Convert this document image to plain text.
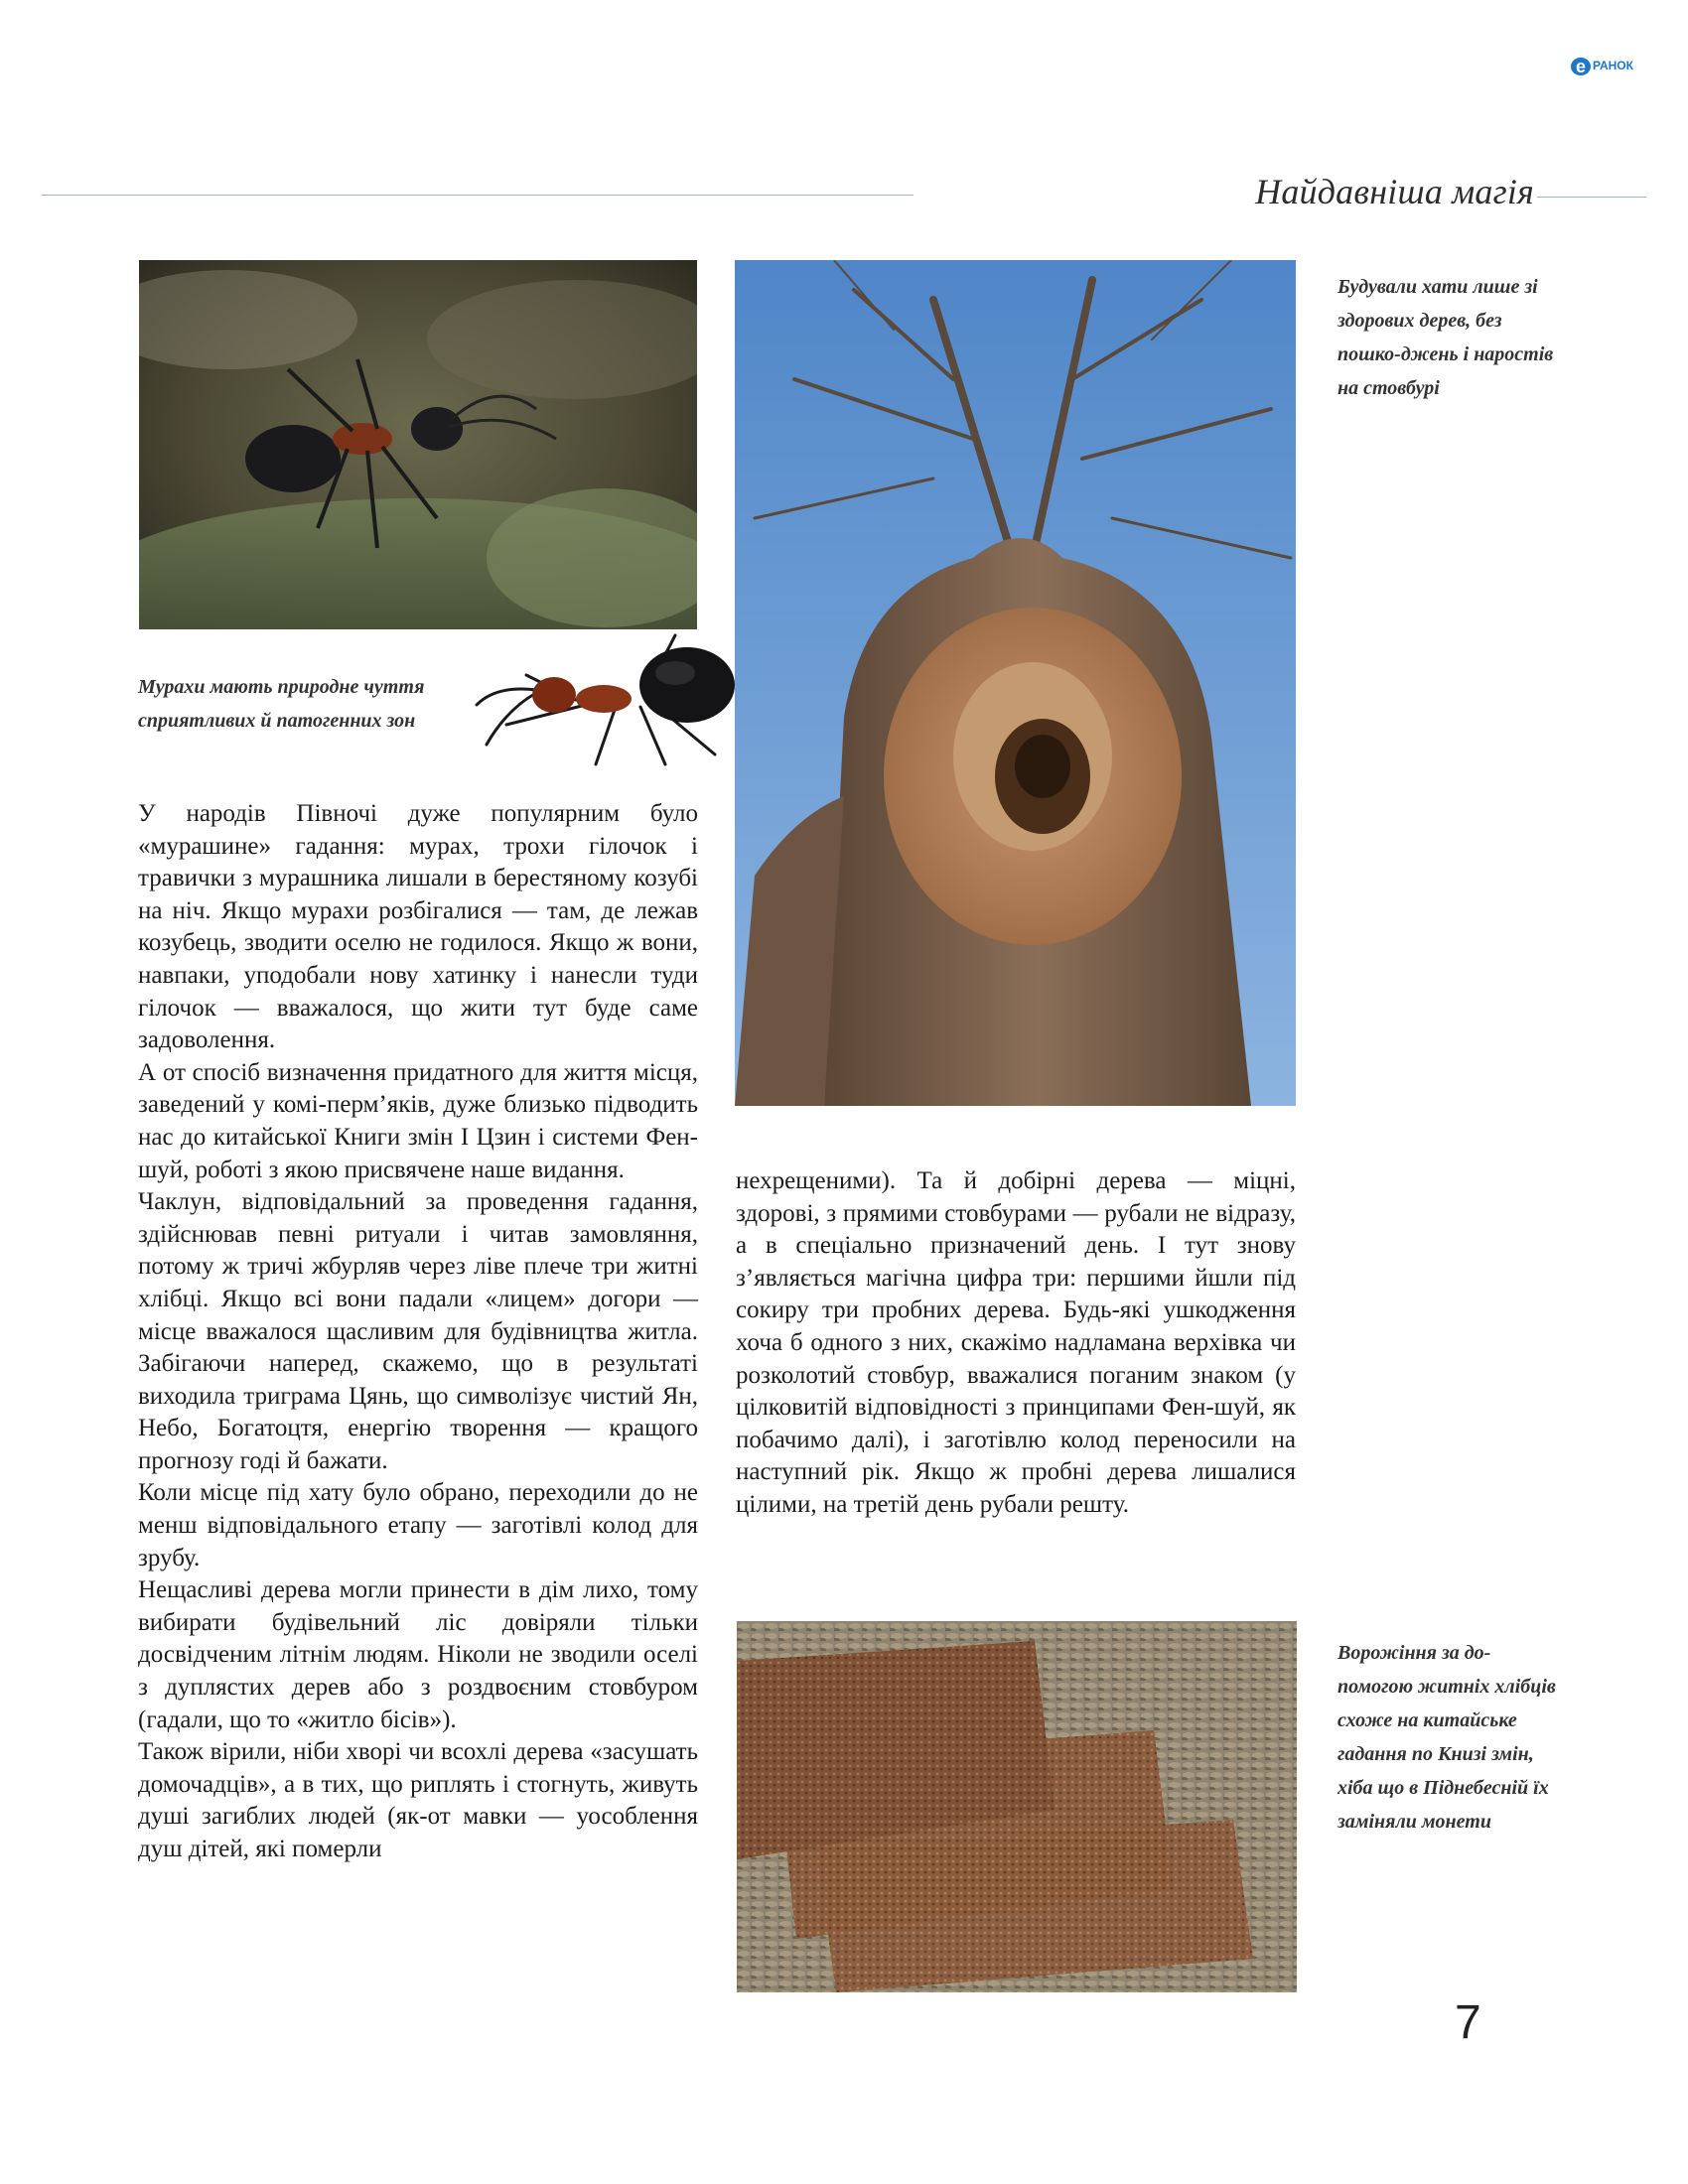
e РАНОК
Найдавніша магія
Мурахи мають природне чуття сприятливих й патогенних зон
Будували хати лише зі здорових дерев, без пошко-джень і наростів на стовбурі
Ворожіння за до-помогою житніх хлібців схоже на китайське гадання по Книзі змін, хіба що в Піднебесній їх заміняли монети

У народів Півночі дуже популярним було «мурашине» гадання: мурах, трохи гілочок і травички з мурашника лишали в берестяному козубі на ніч. Якщо мурахи розбігалися — там, де лежав козубець, зводити оселю не годилося. Якщо ж вони, навпаки, уподобали нову хатинку і нанесли туди гілочок — вважалося, що жити тут буде саме задоволення.

А от спосіб визначення придатного для життя місця, заведений у комі-перм’яків, дуже близько підводить нас до китайської Книги змін І Цзин і системи Фен-шуй, роботі з якою присвячене наше видання.

Чаклун, відповідальний за проведення гадання, здійснював певні ритуали і читав замовляння, потому ж тричі жбурляв через ліве плече три житні хлібці. Якщо всі вони падали «лицем» догори — місце вважалося щасливим для будівництва житла. Забігаючи наперед, скажемо, що в результаті виходила триграма Цянь, що символізує чистий Ян, Небо, Богатоцтя, енергію творення — кращого прогнозу годі й бажати.

Коли місце під хату було обрано, переходили до не менш відповідального етапу — заготівлі колод для зрубу.

Нещасливі дерева могли принести в дім лихо, тому вибирати будівельний ліс довіряли тільки досвідченим літнім людям. Ніколи не зводили оселі з дуплястих дерев або з роздвоєним стовбуром (гадали, що то «житло бісів»).

Також вірили, ніби хворі чи всохлі дерева «засушать домочадців», а в тих, що риплять і стогнуть, живуть душі загиблих людей (як-от мавки — уособлення душ дітей, які померли

нехрещеними). Та й добірні дерева — міцні, здорові, з прямими стовбурами — рубали не відразу, а в спеціально призначений день. І тут знову з’являється магічна цифра три: першими йшли під сокиру три пробних дерева. Будь-які ушкодження хоча б одного з них, скажімо надламана верхівка чи розколотий стовбур, вважалися поганим знаком (у цілковитій відповідності з принципами Фен-шуй, як побачимо далі), і заготівлю колод переносили на наступний рік. Якщо ж пробні дерева лишалися цілими, на третій день рубали решту.

7
